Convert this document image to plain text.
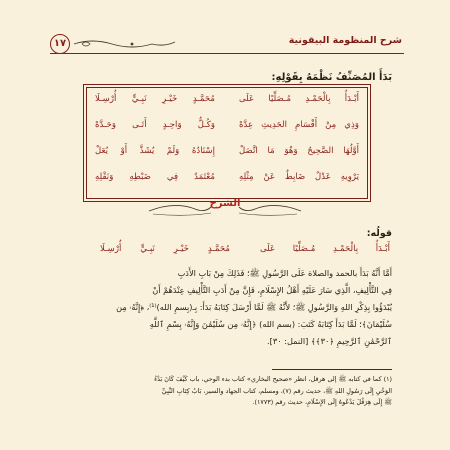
١٧	شرح المنظومة البيقونية
بَدَأَ المُصَنِّفُ نَظْمَهُ بِقَوْلِهِ:
أَبْـدَأُ بِالْحَمْـدِ مُـصَلِّيًا عَلَى
مُحَمَّـدٍ خَيْـرِ نَبِـيٍّ أُرْسِـلَا
وَذِي مِنْ أَقْسَامِ الحَدِيثِ عِدَّهْ
وَكُـلُّ وَاحِـدٍ أَتَـى وَحَـدَّهْ
أَوَّلُهَا الصَّحِيحُ وَهْوَ مَا اتَّصَلْ
إِسْنَادُهُ وَلَمْ يُشَذَّ أَوْ يُعَلْ
يَرْوِيهِ عَدْلٌ ضَابِطٌ عَنْ مِثْلِهِ
مُعْتَمَدٌ فِي ضَبْطِهِ وَنَقْلِهِ
الشرح
قولُه:
أَبْـدَأُ بِالْحَمْـدِ مُـصَلِّيًا عَلَى
مُحَمَّـدٍ خَيْـرِ نَبِـيٍّ أُرْسِـلَا

أَمَّا أَنَّهُ بَدَأَ بالحمد والصلاة عَلَى الرَّسُولِ ﷺ؛ فَذَلِكَ مِنْ بَابِ الأَدَبِ

فِي التَّأْلِيفِ، الَّذِي سَارَ عَلَيْهِ أَهْلُ الإِسْلَامِ، فَإِنَّ مِنْ أَدَبِ التَّأْلِيفِ عِنْدَهُمْ أَنْ

يُبْدَؤُوا بِذِكْرِ اللهِ وَالرَّسُولِ ﷺ؛ لأَنَّهُ ﷺ لَمَّا أَرْسَلَ كِتَابَهُ بَدَأَ: بِـ(بِسمِ الله)⁽¹⁾، ﴿إِنَّهُۥ مِن

سُلَيْمَانَ﴾؛ لَمَّا بَدَأَ كِتَابَهُ كَتَبَ: (بسم الله) ﴿إِنَّهُۥ مِن سُلَيْمَٰنَ وَإِنَّهُۥ بِسْمِ ٱللَّهِ

ٱلرَّحْمَٰنِ ٱلرَّحِيمِ ﴿٣٠﴾﴾ [النمل: ٣٠].

(١) كما في كتابه ﷺ إلى هرقل، انظر «صحيح البخاري» كتاب بدء الوحي، باب كَيْفَ كَانَ بَدْءُ

الوَحْيِ إِلَى رَسُولِ اللهِ ﷺ، حديث رقم (٧)، ومسلم، كتاب الجهاد والسير، بَابُ كِتَابِ النَّبِيِّ

ﷺ إِلَى هِرَقْلَ يَدْعُوهُ إِلَى الإِسْلَامِ، حديث رقم (١٧٧٣).
